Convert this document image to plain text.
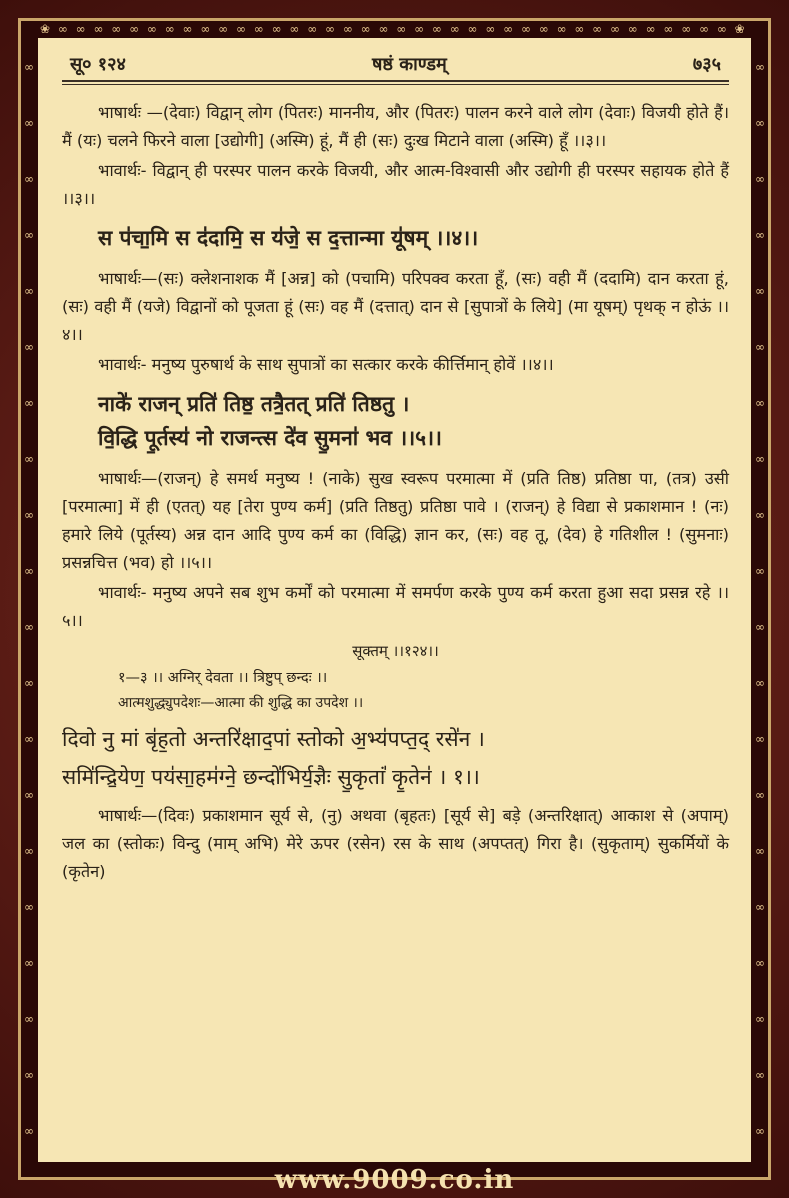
❀ ∞ ∞ ∞ ∞ ∞ ∞ ∞ ∞ ∞ ∞ ∞ ∞ ∞ ∞ ∞ ∞ ∞ ∞ ∞ ∞ ∞ ∞ ∞ ∞ ∞ ∞ ∞ ∞ ∞ ∞ ∞ ∞ ∞ ∞ ∞ ∞ ∞ ∞ ❀
∞
∞
∞
∞
∞
∞
∞
∞
∞
∞
∞
∞
∞
∞
∞
∞
∞
∞
∞
∞
∞
∞
∞
∞
∞
∞
∞
∞
∞
∞
∞
∞
∞
∞
∞
∞
∞
∞
∞
∞
सू० १२४	षष्ठं काण्डम्	७३५

भाषार्थः —(देवाः) विद्वान् लोग (पितरः) माननीय, और (पितरः) पालन करने वाले लोग (देवाः) विजयी होते हैं। मैं (यः) चलने फिरने वाला [उद्योगी] (अस्मि) हूं, मैं ही (सः) दुःख मिटाने वाला (अस्मि) हूँ ।।३।।

भावार्थः- विद्वान् ही परस्पर पालन करके विजयी, और आत्म-विश्वासी और उद्योगी ही परस्पर सहायक होते हैं ।।३।।

स प॑चा॒मि स द॑दामि॒ स य॑जे॒ स द॒त्तान्मा यू॑षम् ।।४।।

भाषार्थः—(सः) क्लेशनाशक मैं [अन्न] को (पचामि) परिपक्व करता हूँ, (सः) वही मैं (ददामि) दान करता हूं, (सः) वही मैं (यजे) विद्वानों को पूजता हूं (सः) वह मैं (दत्तात्) दान से [सुपात्रों के लिये] (मा यूषम्) पृथक् न होऊं ।।४।।

भावार्थः- मनुष्य पुरुषार्थ के साथ सुपात्रों का सत्कार करके कीर्त्तिमान् होवें ।।४।।

नाके॑ राजन् प्रति॑ तिष्ठ॒ तत्रै॒तत् प्रति॑ तिष्ठतु ।
वि॒द्धि पू॒र्तस्य॑ नो राजन्त्स दे॑व सु॒मना॑ भव ।।५।।

भाषार्थः—(राजन्) हे समर्थ मनुष्य ! (नाके) सुख स्वरूप परमात्मा में (प्रति तिष्ठ) प्रतिष्ठा पा, (तत्र) उसी [परमात्मा] में ही (एतत्) यह [तेरा पुण्य कर्म] (प्रति तिष्ठतु) प्रतिष्ठा पावे । (राजन्) हे विद्या से प्रकाशमान ! (नः) हमारे लिये (पूर्तस्य) अन्न दान आदि पुण्य कर्म का (विद्धि) ज्ञान कर, (सः) वह तू, (देव) हे गतिशील ! (सुमनाः) प्रसन्नचित्त (भव) हो ।।५।।

भावार्थः- मनुष्य अपने सब शुभ कर्मों को परमात्मा में समर्पण करके पुण्य कर्म करता हुआ सदा प्रसन्न रहे ।।५।।

सूक्तम् ।।१२४।।
१—३ ।। अग्निर् देवता ।। त्रिष्टुप् छन्दः ।।
आत्मशुद्ध्युपदेशः—आत्मा की शुद्धि का उपदेश ।।
दिवो नु मां बृ॑ह॒तो अन्तरि॑क्षाद॒पां स्तोको अ॒भ्य॑पप्त॒द् रसे॑न ।
समि॑न्द्रि॒येण॒ पय॑सा॒हम॑ग्ने॒ छन्दो॑भिर्य॒ज्ञैः सु॒कृतां॑ कृ॒तेन॑ । १।।

भाषार्थः—(दिवः) प्रकाशमान सूर्य से, (नु) अथवा (बृहतः) [सूर्य से] बड़े (अन्तरिक्षात्) आकाश से (अपाम्) जल का (स्तोकः) विन्दु (माम् अभि) मेरे ऊपर (रसेन) रस के साथ (अपप्तत्) गिरा है। (सुकृताम्) सुकर्मियों के (कृतेन)

www.9009.co.in
